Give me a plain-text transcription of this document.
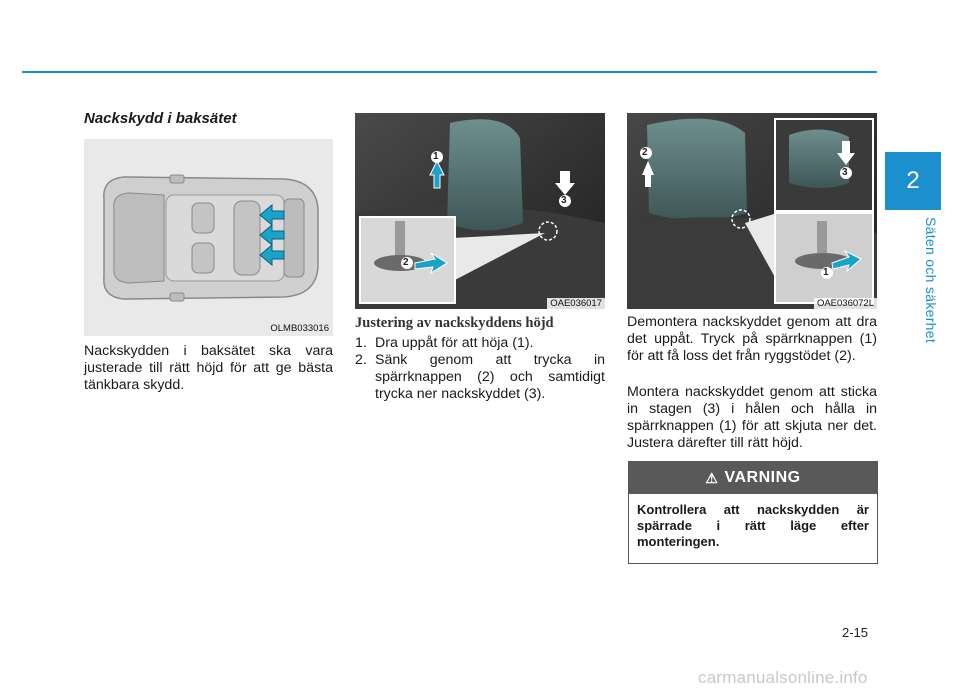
2
Säten och säkerhet
Nackskydd i baksätet
OLMB033016

Nackskydden i baksätet ska vara justerade till rätt höjd för att ge bästa tänkbara skydd.

1
3
2
OAE036017
Justering av nackskyddens höjd
1. Dra uppåt för att höja (1).
2. Sänk genom att trycka in spärrknappen (2) och samtidigt trycka ner nackskyddet (3).
2
3
1
OAE036072L

Demontera nackskyddet genom att dra det uppåt. Tryck på spärrknappen (1) för att få loss det från ryggstödet (2).

Montera nackskyddet genom att sticka in stagen (3) i hålen och hålla in spärrknappen (1) för att skjuta ner det. Justera därefter till rätt höjd.

⚠ VARNING
Kontrollera att nackskydden är spärrade i rätt läge efter monteringen.
2-15
carmanualsonline.info
